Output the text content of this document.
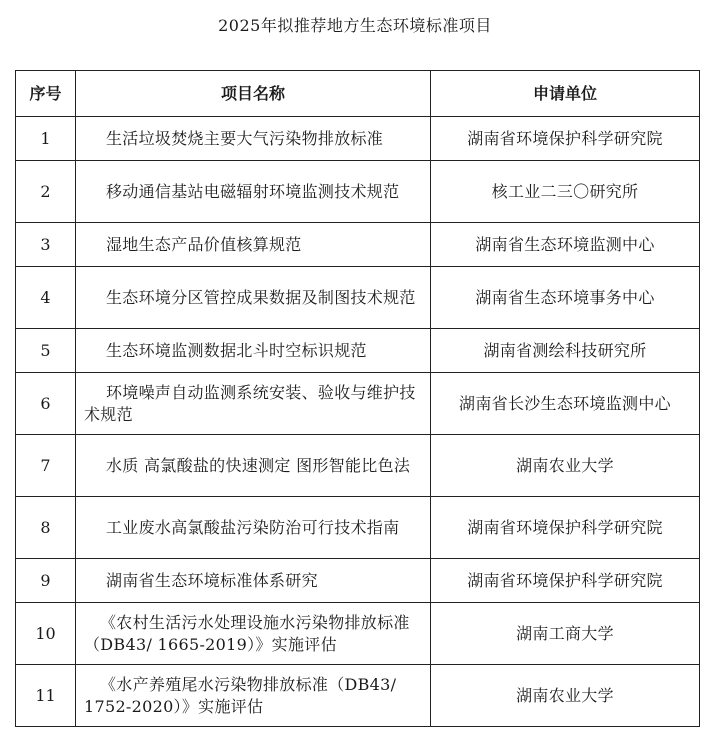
2025年拟推荐地方生态环境标准项目
序号	项目名称	申请单位
1	生活垃圾焚烧主要大气污染物排放标准	湖南省环境保护科学研究院
2	移动通信基站电磁辐射环境监测技术规范	核工业二三〇研究所
3	湿地生态产品价值核算规范	湖南省生态环境监测中心
4	生态环境分区管控成果数据及制图技术规范	湖南省生态环境事务中心
5	生态环境监测数据北斗时空标识规范	湖南省测绘科技研究所
6	环境噪声自动监测系统安装、验收与维护技术规范	湖南省长沙生态环境监测中心
7	水质 高氯酸盐的快速测定 图形智能比色法	湖南农业大学
8	工业废水高氯酸盐污染防治可行技术指南	湖南省环境保护科学研究院
9	湖南省生态环境标准体系研究	湖南省环境保护科学研究院
10	《农村生活污水处理设施水污染物排放标准（DB43/ 1665-2019）》实施评估	湖南工商大学
11	《水产养殖尾水污染物排放标准（DB43/ 1752-2020）》实施评估	湖南农业大学
